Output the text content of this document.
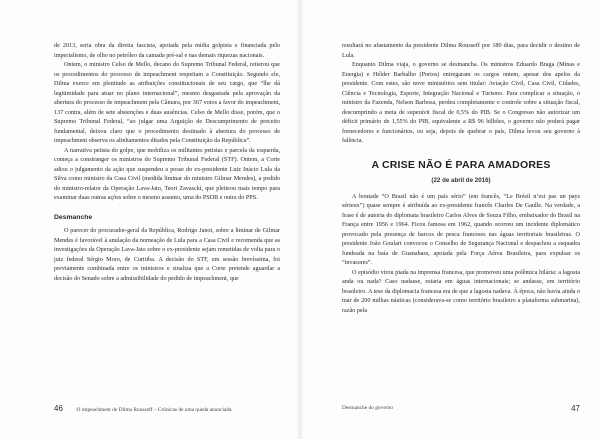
de 2013, seria obra da direita fascista, apoiada pela mídia golpista e financiada pelo imperialismo, de olho no petróleo da camada pré-sal e nas demais riquezas nacionais.

Ontem, o ministro Celso de Mello, decano do Supremo Tribunal Federal, reiterou que os procedimentos do processo de impeachment respeitam a Constituição. Segundo ele, Dilma exerce em plenitude as atribuições constitucionais de seu cargo, que “lhe dá legitimidade para atuar no plano internacional”, mesmo desgastada pela aprovação da abertura do processo de impeachment pela Câmara, por 367 votos a favor do impeachment, 137 contra, além de sete abstenções e duas ausências. Celso de Mello disse, porém, que o Supremo Tribunal Federal, “ao julgar uma Arguição de Descumprimento de preceito fundamental, deixou claro que o procedimento destinado à abertura do processo de impeachment observa os alinhamentos ditados pela Constituição da República”.

A narrativa petista do golpe, que mobiliza os militantes petistas e parcela da esquerda, começa a constranger os ministros do Supremo Tribunal Federal (STF). Ontem, a Corte adiou o julgamento da ação que suspendeu a posse do ex-presidente Luiz Inácio Lula da Silva como ministro da Casa Civil (medida liminar do ministro Gilmar Mendes), a pedido do ministro-relator da Operação Lava-Jato, Teori Zavascki, que pleiteou mais tempo para examinar duas outras ações sobre o mesmo assunto, uma do PSDB e outra do PPS.

Desmanche

O parecer do procurador-geral da República, Rodrigo Janot, sobre a liminar de Gilmar Mendes é favorável à anulação da nomeação de Lula para a Casa Civil e recomenda que as investigações da Operação Lava-Jato sobre o ex-presidente sejam remetidas de volta para o juiz federal Sérgio Moro, de Curitiba. A decisão do STF, em sessão brevíssima, foi previamente combinada entre os ministros e sinaliza que a Corte pretende aguardar a decisão do Senado sobre a admissibilidade do pedido de impeachment, que

46	O impeachment de Dilma Rousseff – Crônicas de uma queda anunciada

resultará no afastamento da presidente Dilma Rousseff por 180 dias, para decidir o destino de Lula.

Enquanto Dilma viaja, o governo se desmancha. Os ministros Eduardo Braga (Minas e Energia) e Hélder Barbalho (Portos) entregaram os cargos ontem, apesar dos apelos da presidente. Com estes, são nove ministérios sem titular: Aviação Civil, Casa Civil, Cidades, Ciência e Tecnologia, Esporte, Integração Nacional e Turismo. Para complicar a situação, o ministro da Fazenda, Nelson Barbosa, perdeu completamente o controle sobre a situação fiscal, descumprindo a meta de superávit fiscal de 0,5% do PIB. Se o Congresso não autorizar um déficit primário de 1,55% do PIB, equivalente a R$ 96 bilhões, o governo não poderá pagar fornecedores e funcionários, ou seja, depois de quebrar o país, Dilma levou seu governo à falência.

A CRISE NÃO É PARA AMADORES
(22 de abril de 2016)

A boutade “O Brasil não é um país sério” (em francês, “Le Brésil n’est pas un pays sérieux”) quase sempre é atribuída ao ex-presidente francês Charles De Gaulle. Na verdade, a frase é de autoria do diplomata brasileiro Carlos Alves de Souza Filho, embaixador do Brasil na França entre 1956 e 1964. Ficou famosa em 1962, quando ocorreu um incidente diplomático provocado pela presença de barcos de pesca franceses nas águas territoriais brasileiras. O presidente João Goulart convocou o Conselho de Segurança Nacional e despachou a esquadra fundeada na baía de Guanabara, apoiada pela Força Aérea Brasileira, para expulsar os “invasores”.

O episódio virou piada na imprensa francesa, que promoveu uma polêmica hilária: a lagosta anda ou nada? Caso nadasse, estaria em águas internacionais; se andasse, em território brasileiro. A tese da diplomacia francesa era de que a lagosta nadava. À época, não havia ainda o mar de 200 milhas náuticas (considerava-se como território brasileiro a plataforma submarina), razão pela

Desmanche do governo	47
